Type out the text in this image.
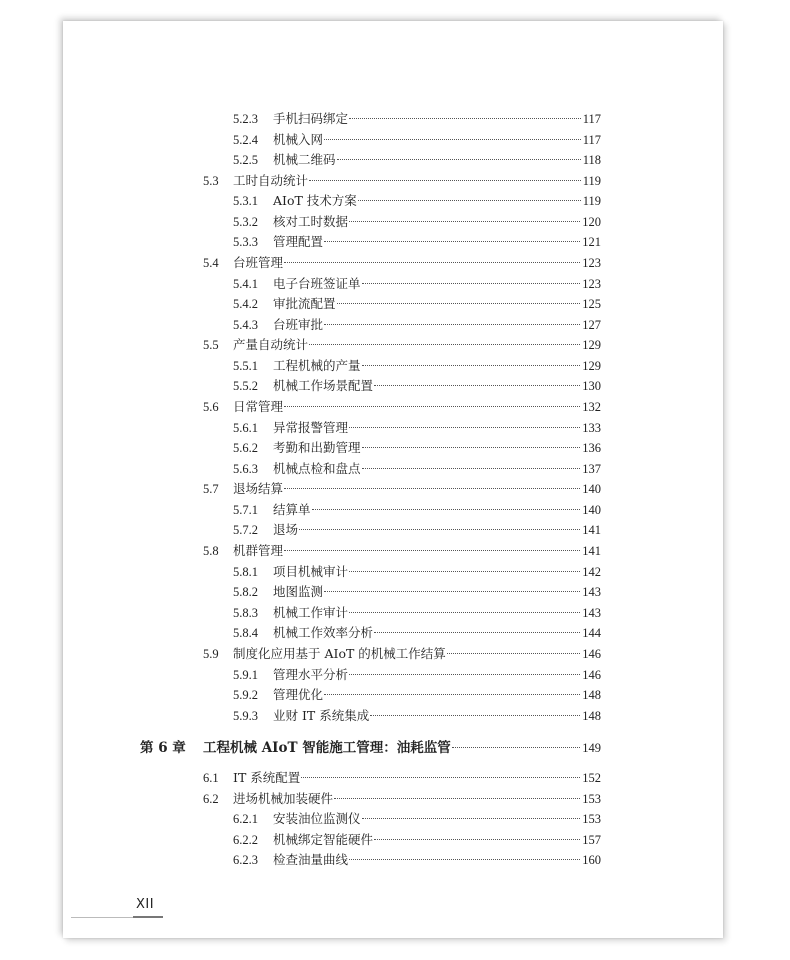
5.2.3	手机扫码绑定	117
5.2.4	机械入网	117
5.2.5	机械二维码	118
5.3	工时自动统计	119
5.3.1	AIoT 技术方案	119
5.3.2	核对工时数据	120
5.3.3	管理配置	121
5.4	台班管理	123
5.4.1	电子台班签证单	123
5.4.2	审批流配置	125
5.4.3	台班审批	127
5.5	产量自动统计	129
5.5.1	工程机械的产量	129
5.5.2	机械工作场景配置	130
5.6	日常管理	132
5.6.1	异常报警管理	133
5.6.2	考勤和出勤管理	136
5.6.3	机械点检和盘点	137
5.7	退场结算	140
5.7.1	结算单	140
5.7.2	退场	141
5.8	机群管理	141
5.8.1	项目机械审计	142
5.8.2	地图监测	143
5.8.3	机械工作审计	143
5.8.4	机械工作效率分析	144
5.9	制度化应用基于 AIoT 的机械工作结算	146
5.9.1	管理水平分析	146
5.9.2	管理优化	148
5.9.3	业财 IT 系统集成	148
第 6 章	工程机械 AIoT 智能施工管理：油耗监管	149
6.1	IT 系统配置	152
6.2	进场机械加装硬件	153
6.2.1	安装油位监测仪	153
6.2.2	机械绑定智能硬件	157
6.2.3	检查油量曲线	160
XII
